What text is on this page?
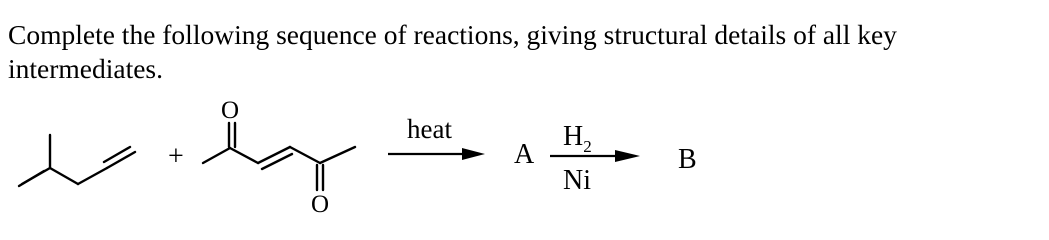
Complete the following sequence of reactions, giving structural details of all key
intermediates.
+
O
O
heat
A
$H_2$
Ni
B
